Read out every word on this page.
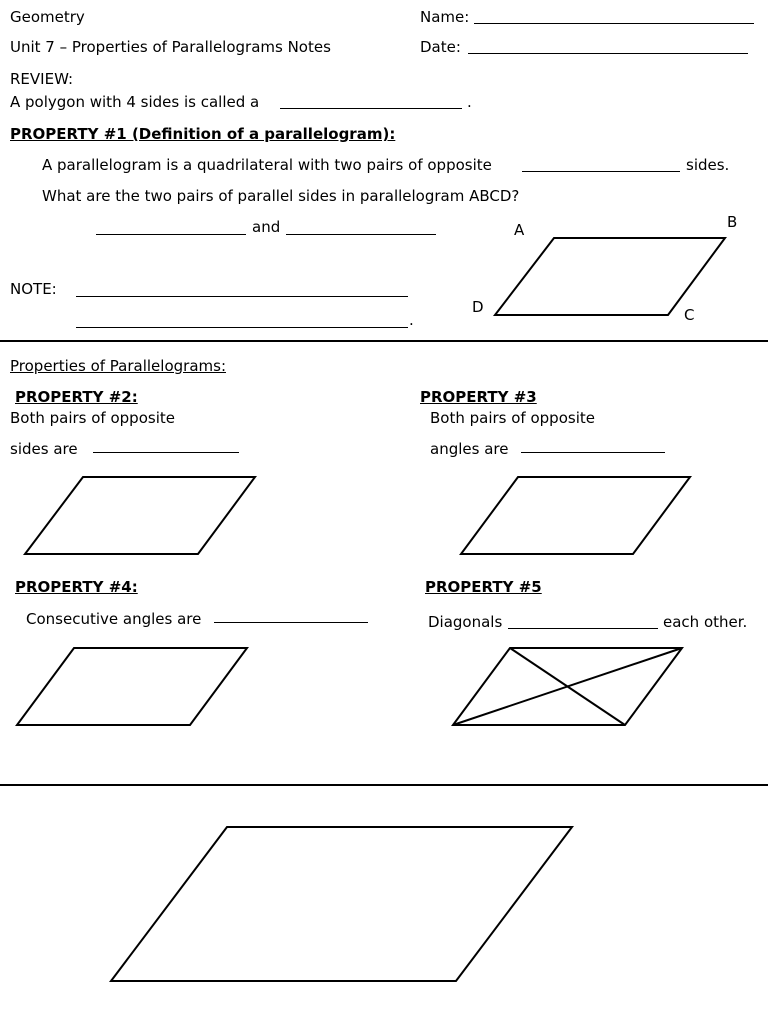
Geometry	Name:
Unit 7 – Properties of Parallelograms Notes	Date:
REVIEW:
A polygon with 4 sides is called a	.
PROPERTY #1 (Definition of a parallelogram):
A parallelogram is a quadrilateral with two pairs of opposite	sides.
What are the two pairs of parallel sides in parallelogram ABCD?
and	A	B
C
D
NOTE:
.
Properties of Parallelograms:
PROPERTY #2:
Both pairs of opposite
sides are
PROPERTY #3
Both pairs of opposite
angles are
PROPERTY #4:
Consecutive angles are
PROPERTY #5
Diagonals	each other.
